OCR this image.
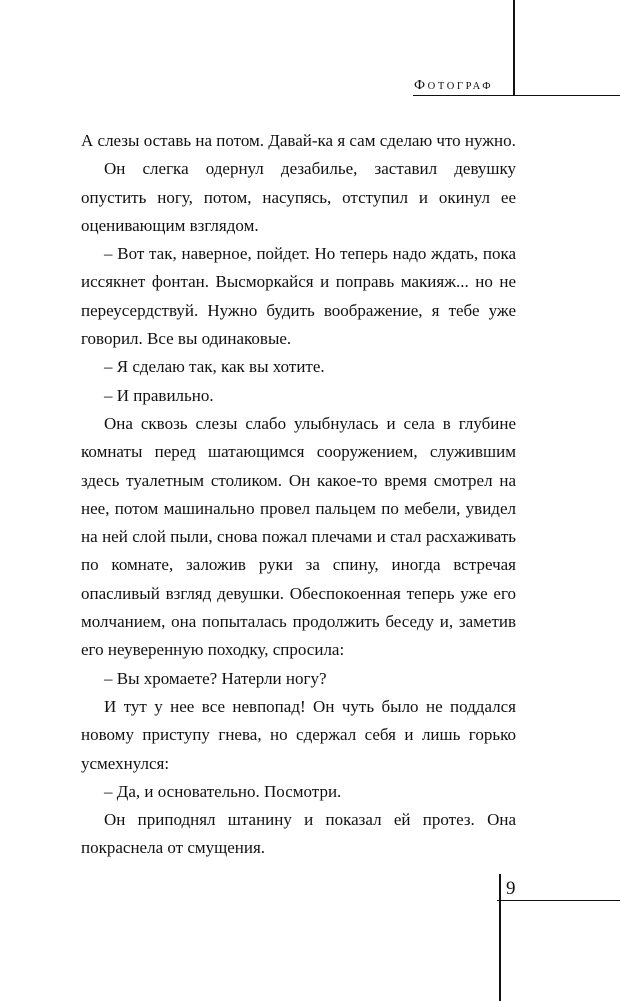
ФОТОГРАФ

А слезы оставь на потом. Давай-ка я сам сделаю что нужно.

Он слегка одернул дезабилье, заставил девушку опустить ногу, потом, насупясь, отступил и окинул ее оценивающим взглядом.

– Вот так, наверное, пойдет. Но теперь надо ждать, пока иссякнет фонтан. Высморкайся и поправь макияж... но не переусердствуй. Нужно будить воображение, я тебе уже говорил. Все вы одинаковые.

– Я сделаю так, как вы хотите.

– И правильно.

Она сквозь слезы слабо улыбнулась и села в глубине комнаты перед шатающимся сооружением, служившим здесь туалетным столиком. Он какое-то время смотрел на нее, потом машинально провел пальцем по мебели, увидел на ней слой пыли, снова пожал плечами и стал расхаживать по комнате, заложив руки за спину, иногда встречая опасливый взгляд девушки. Обеспокоенная теперь уже его молчанием, она попыталась продолжить беседу и, заметив его неуверенную походку, спросила:

– Вы хромаете? Натерли ногу?

И тут у нее все невпопад! Он чуть было не поддался новому приступу гнева, но сдержал себя и лишь горько усмехнулся:

– Да, и основательно. Посмотри.

Он приподнял штанину и показал ей протез. Она покраснела от смущения.

9
